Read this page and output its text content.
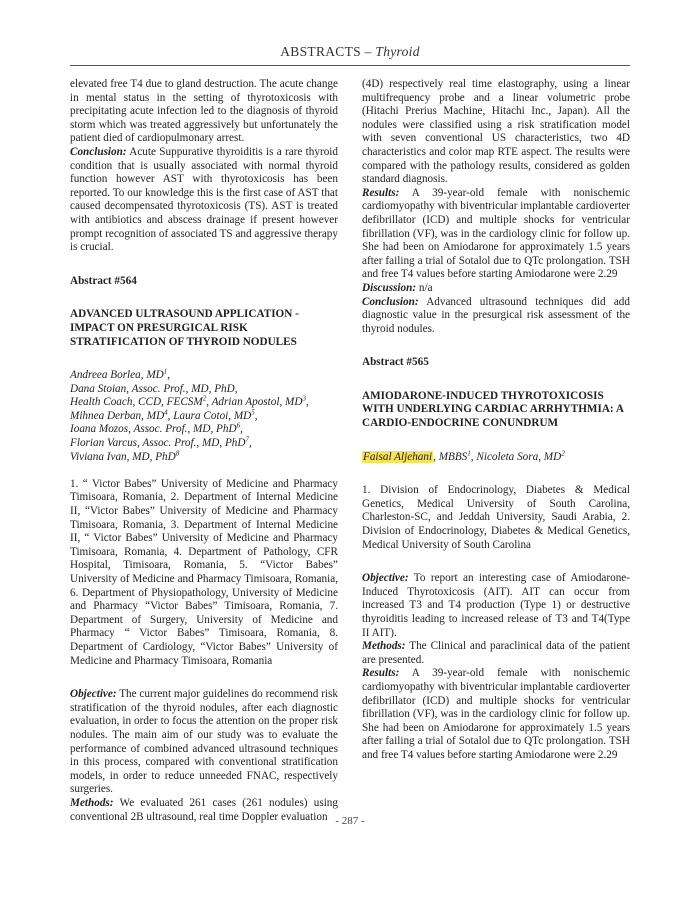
ABSTRACTS – Thyroid

elevated free T4 due to gland destruction. The acute change in mental status in the setting of thyrotoxicosis with precipitating acute infection led to the diagnosis of thyroid storm which was treated aggressively but unfortunately the patient died of cardiopulmonary arrest.

Conclusion: Acute Suppurative thyroiditis is a rare thyroid condition that is usually associated with normal thyroid function however AST with thyrotoxicosis has been reported. To our knowledge this is the first case of AST that caused decompensated thyrotoxicosis (TS). AST is treated with antibiotics and abscess drainage if present however prompt recognition of associated TS and aggressive therapy is crucial.

Abstract #564

ADVANCED ULTRASOUND APPLICATION - IMPACT ON PRESURGICAL RISK STRATIFICATION OF THYROID NODULES

Andreea Borlea, $MD^1$,
Dana Stoian, Assoc. Prof., MD, PhD,
Health Coach, CCD, FECSM$^2$, Adrian Apostol, $MD^3$,
Mihnea Derban, $MD^4$, Laura Cotoi, $MD^5$,
Ioana Mozos, Assoc. Prof., MD, PhD$^6$,
Florian Varcus, Assoc. Prof., MD, PhD$^7$,
Viviana Ivan, MD, PhD$^8$

1. “ Victor Babes” University of Medicine and Pharmacy Timisoara, Romania, 2. Department of Internal Medicine II, “Victor Babes” University of Medicine and Pharmacy Timisoara, Romania, 3. Department of Internal Medicine II, “ Victor Babes” University of Medicine and Pharmacy Timisoara, Romania, 4. Department of Pathology, CFR Hospital, Timisoara, Romania, 5. “Victor Babes” University of Medicine and Pharmacy Timisoara, Romania, 6. Department of Physiopathology, University of Medicine and Pharmacy “Victor Babes” Timisoara, Romania, 7. Department of Surgery, University of Medicine and Pharmacy “ Victor Babes” Timisoara, Romania, 8. Department of Cardiology, “Victor Babes” University of Medicine and Pharmacy Timisoara, Romania

Objective: The current major guidelines do recommend risk stratification of the thyroid nodules, after each diagnostic evaluation, in order to focus the attention on the proper risk nodules. The main aim of our study was to evaluate the performance of combined advanced ultrasound techniques in this process, compared with conventional stratification models, in order to reduce unneeded FNAC, respectively surgeries.

Methods: We evaluated 261 cases (261 nodules) using conventional 2B ultrasound, real time Doppler evaluation

(4D) respectively real time elastography, using a linear multifrequency probe and a linear volumetric probe (Hitachi Prerius Machine, Hitachi Inc., Japan). All the nodules were classified using a risk stratification model with seven conventional US characteristics, two 4D characteristics and color map RTE aspect. The results were compared with the pathology results, considered as golden standard diagnosis.

Results: A 39-year-old female with nonischemic cardiomyopathy with biventricular implantable cardioverter defibrillator (ICD) and multiple shocks for ventricular fibrillation (VF), was in the cardiology clinic for follow up. She had been on Amiodarone for approximately 1.5 years after failing a trial of Sotalol due to QTc prolongation. TSH and free T4 values before starting Amiodarone were 2.29

Discussion: n/a

Conclusion: Advanced ultrasound techniques did add diagnostic value in the presurgical risk assessment of the thyroid nodules.

Abstract #565

AMIODARONE-INDUCED THYROTOXICOSIS WITH UNDERLYING CARDIAC ARRHYTHMIA: A CARDIO-ENDOCRINE CONUNDRUM

Faisal Aljehani, MBBS$^1$, Nicoleta Sora, $MD^2$

1. Division of Endocrinology, Diabetes & Medical Genetics, Medical University of South Carolina, Charleston-SC, and Jeddah University, Saudi Arabia, 2. Division of Endocrinology, Diabetes & Medical Genetics, Medical University of South Carolina

Objective: To report an interesting case of Amiodarone-Induced Thyrotoxicosis (AIT). AIT can occur from increased T3 and T4 production (Type 1) or destructive thyroiditis leading to increased release of T3 and T4(Type II AIT).

Methods: The Clinical and paraclinical data of the patient are presented.

Results: A 39-year-old female with nonischemic cardiomyopathy with biventricular implantable cardioverter defibrillator (ICD) and multiple shocks for ventricular fibrillation (VF), was in the cardiology clinic for follow up. She had been on Amiodarone for approximately 1.5 years after failing a trial of Sotalol due to QTc prolongation. TSH and free T4 values before starting Amiodarone were 2.29

- 287 -
